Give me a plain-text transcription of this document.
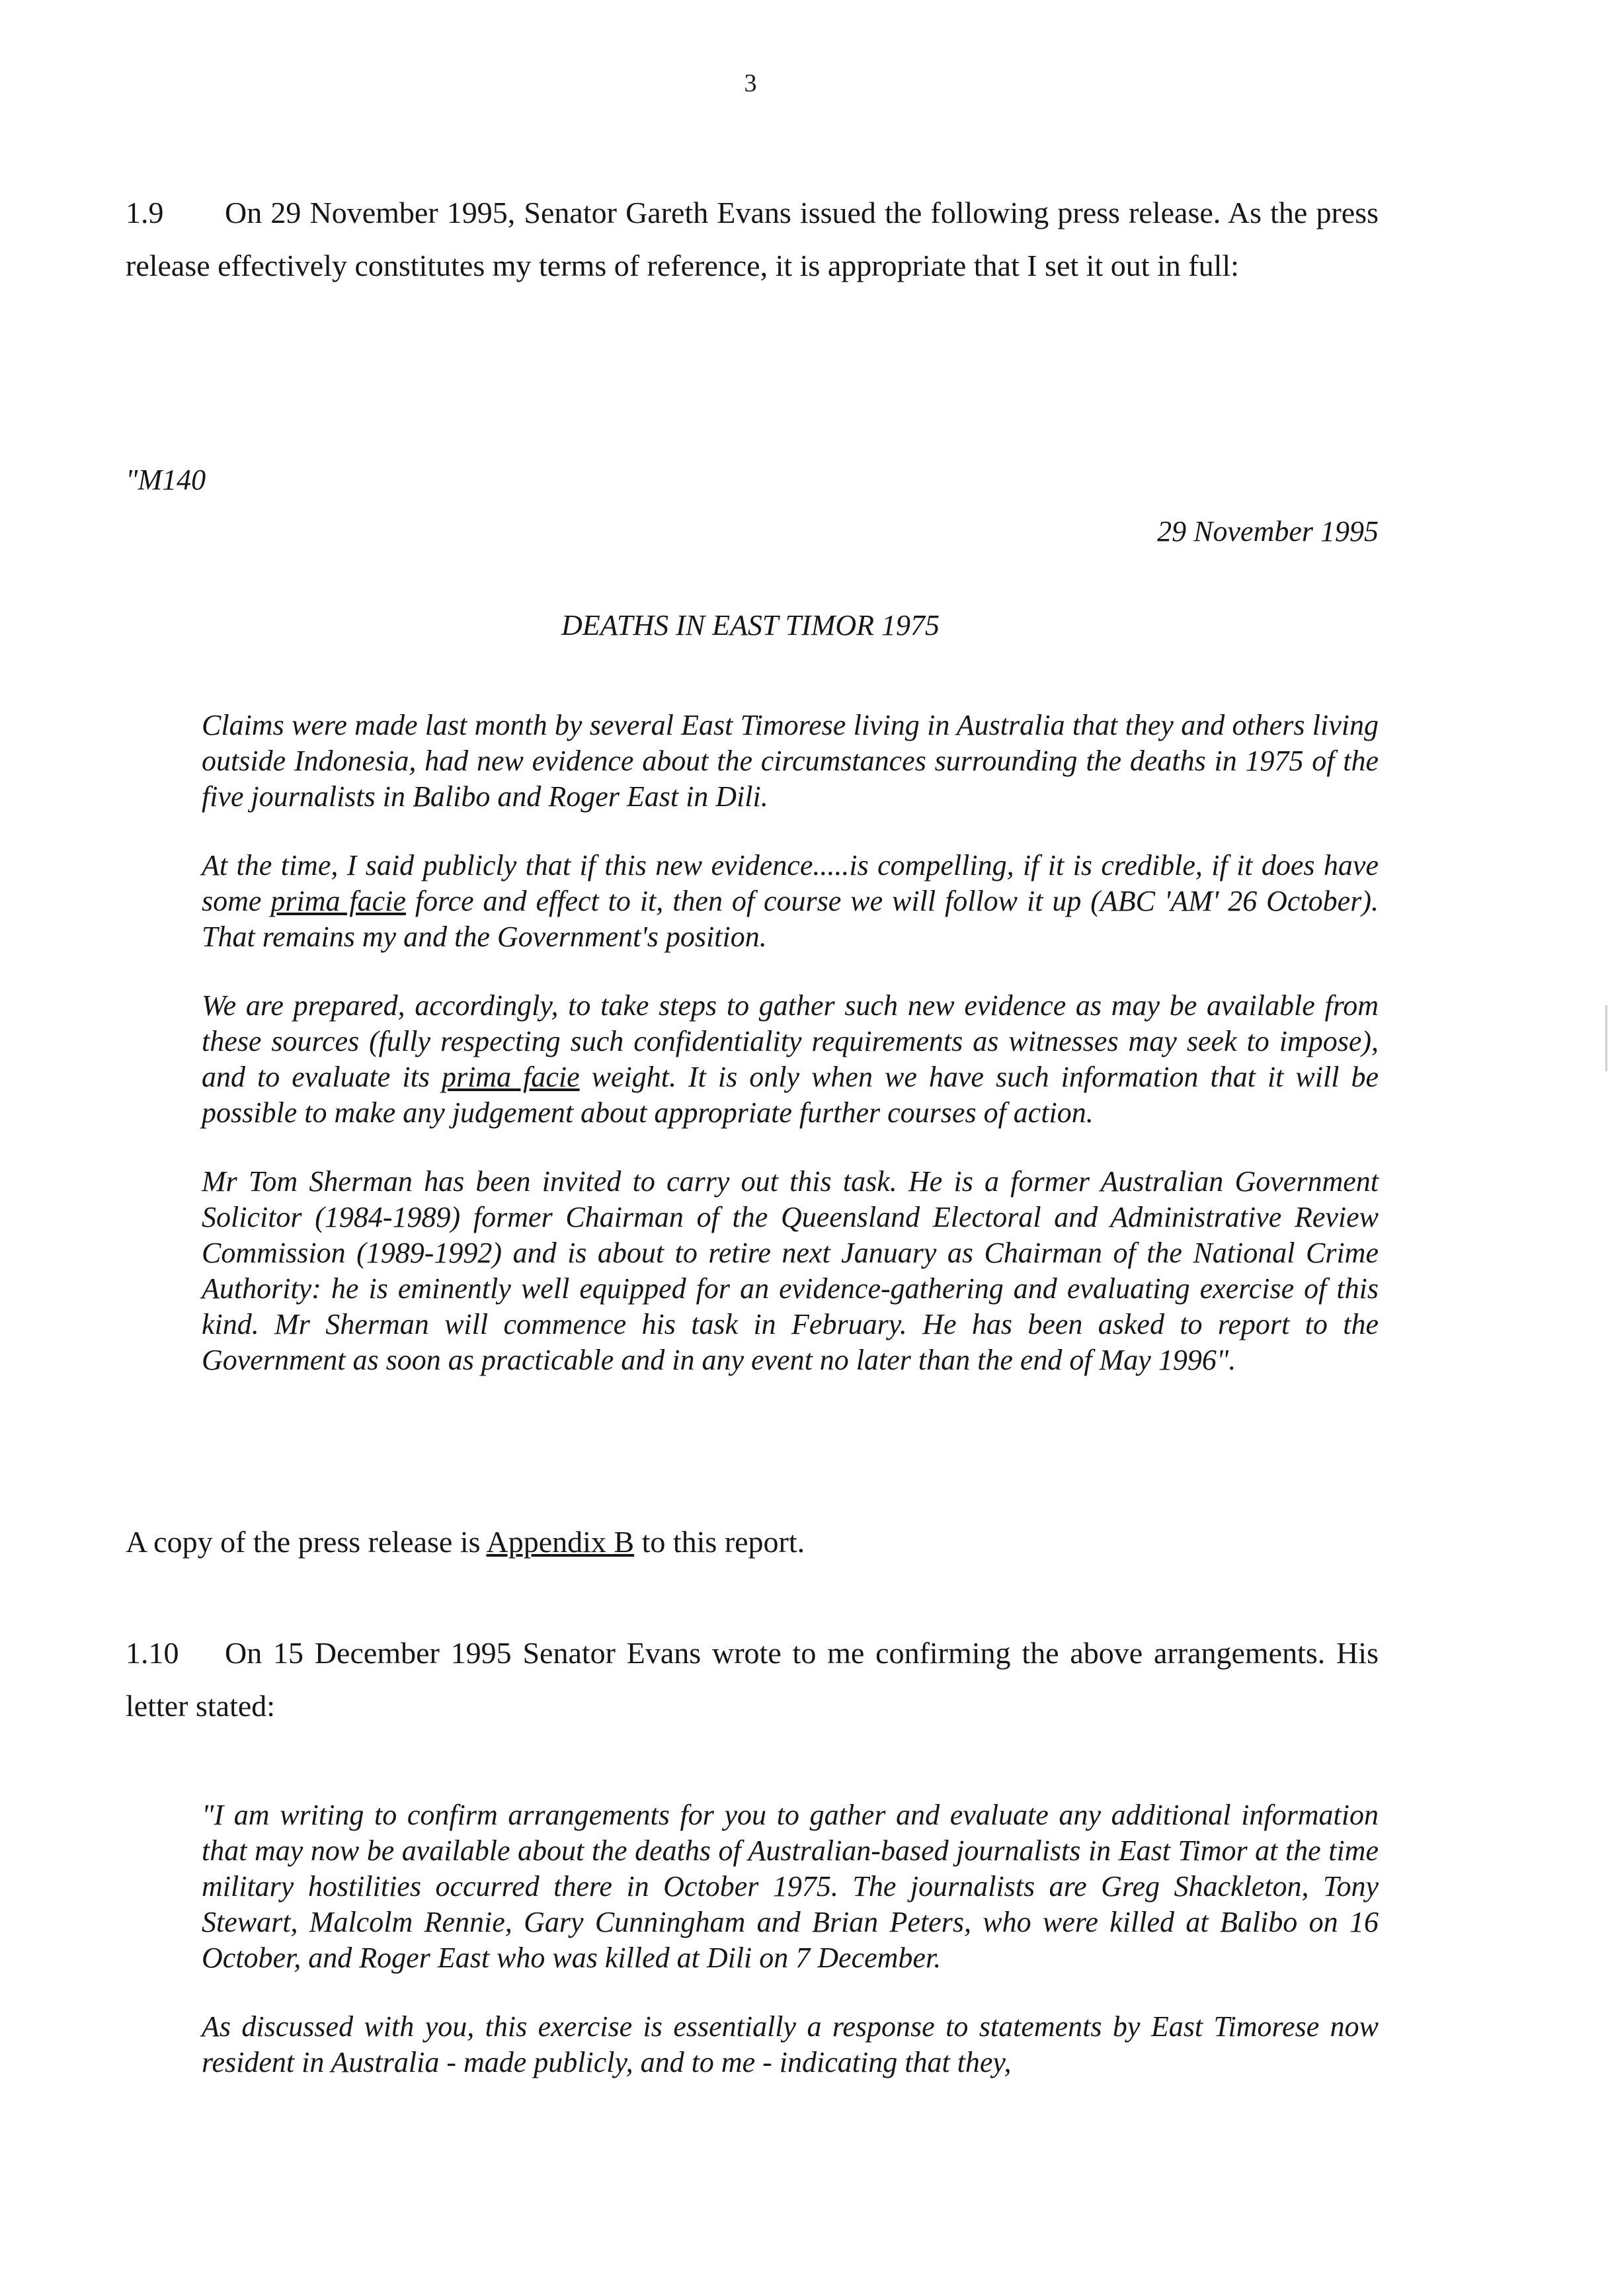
3

1.9 On 29 November 1995, Senator Gareth Evans issued the following press release. As the press release effectively constitutes my terms of reference, it is appropriate that I set it out in full:

"M140
29 November 1995
DEATHS IN EAST TIMOR 1975

Claims were made last month by several East Timorese living in Australia that they and others living outside Indonesia, had new evidence about the circumstances surrounding the deaths in 1975 of the five journalists in Balibo and Roger East in Dili.

At the time, I said publicly that if this new evidence.....is compelling, if it is credible, if it does have some prima facie force and effect to it, then of course we will follow it up (ABC 'AM' 26 October). That remains my and the Government's position.

We are prepared, accordingly, to take steps to gather such new evidence as may be available from these sources (fully respecting such confidentiality requirements as witnesses may seek to impose), and to evaluate its prima facie weight. It is only when we have such information that it will be possible to make any judgement about appropriate further courses of action.

Mr Tom Sherman has been invited to carry out this task. He is a former Australian Government Solicitor (1984-1989) former Chairman of the Queensland Electoral and Administrative Review Commission (1989-1992) and is about to retire next January as Chairman of the National Crime Authority: he is eminently well equipped for an evidence-gathering and evaluating exercise of this kind. Mr Sherman will commence his task in February. He has been asked to report to the Government as soon as practicable and in any event no later than the end of May 1996".

A copy of the press release is Appendix B to this report.

1.10 On 15 December 1995 Senator Evans wrote to me confirming the above arrangements. His letter stated:

"I am writing to confirm arrangements for you to gather and evaluate any additional information that may now be available about the deaths of Australian-based journalists in East Timor at the time military hostilities occurred there in October 1975. The journalists are Greg Shackleton, Tony Stewart, Malcolm Rennie, Gary Cunningham and Brian Peters, who were killed at Balibo on 16 October, and Roger East who was killed at Dili on 7 December.

As discussed with you, this exercise is essentially a response to statements by East Timorese now resident in Australia - made publicly, and to me - indicating that they,
